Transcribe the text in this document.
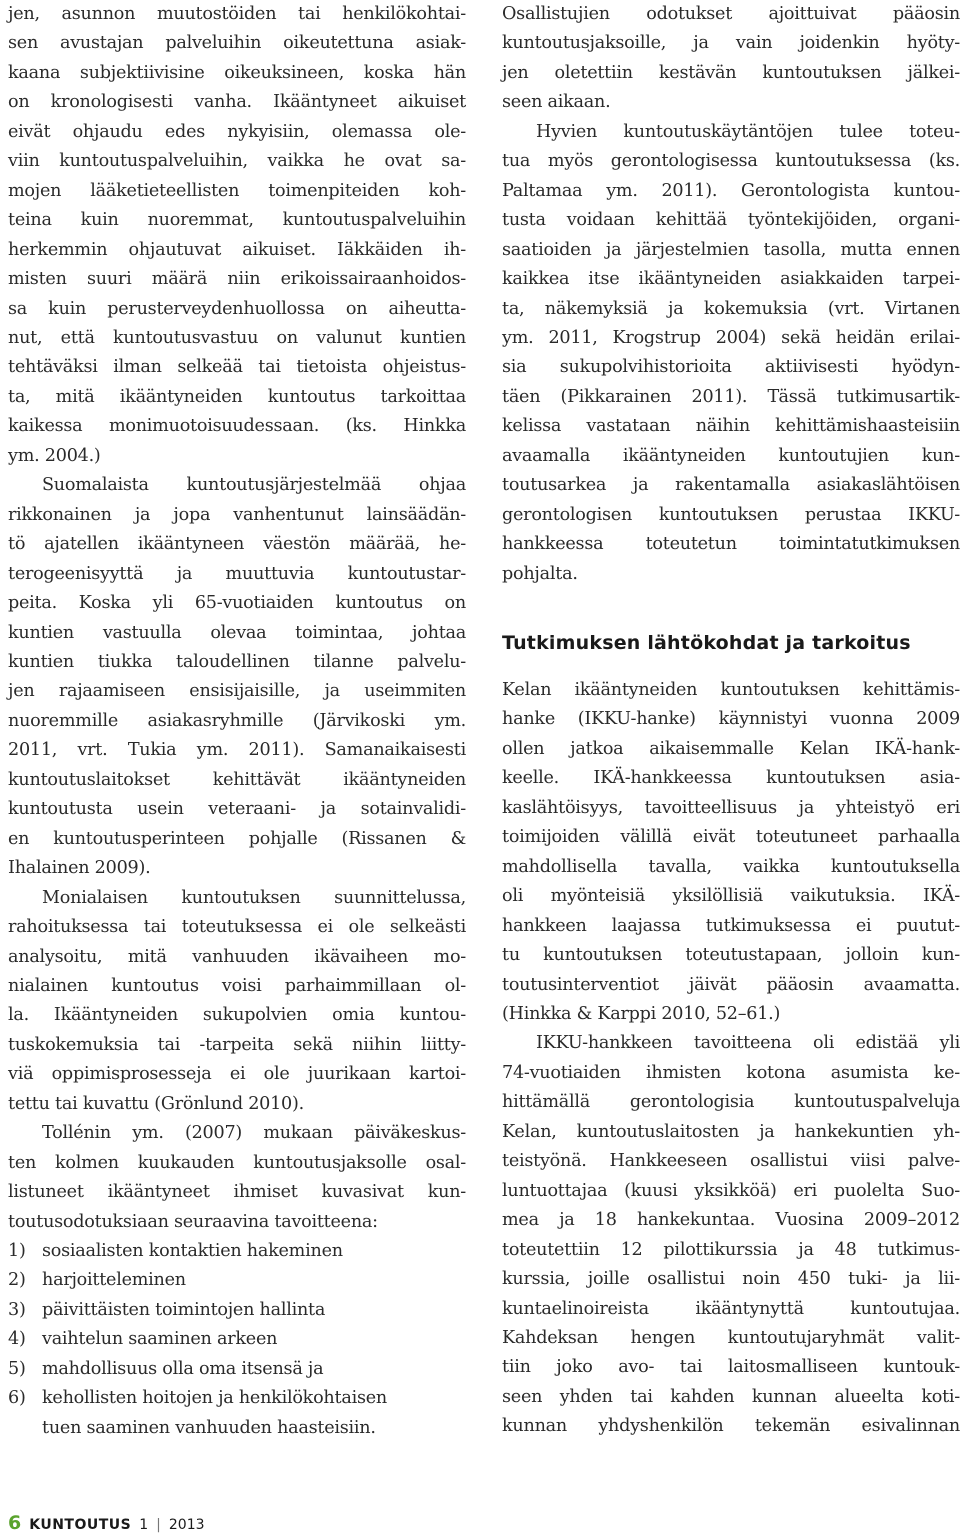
jen, asunnon muutostöiden tai henkilökohtai-
sen avustajan palveluihin oikeutettuna asiak-
kaana subjektiivisine oikeuksineen, koska hän
on kronologisesti vanha. Ikääntyneet aikuiset
eivät ohjaudu edes nykyisiin, olemassa ole-
viin kuntoutuspalveluihin, vaikka he ovat sa-
mojen lääketieteellisten toimenpiteiden koh-
teina kuin nuoremmat, kuntoutuspalveluihin
herkemmin ohjautuvat aikuiset. Iäkkäiden ih-
misten suuri määrä niin erikoissairaanhoidos-
sa kuin perusterveydenhuollossa on aiheutta-
nut, että kuntoutusvastuu on valunut kuntien
tehtäväksi ilman selkeää tai tietoista ohjeistus-
ta, mitä ikääntyneiden kuntoutus tarkoittaa
kaikessa monimuotoisuudessaan. (ks. Hinkka
ym. 2004.)
Suomalaista kuntoutusjärjestelmää ohjaa
rikkonainen ja jopa vanhentunut lainsäädän-
tö ajatellen ikääntyneen väestön määrää, he-
terogeenisyyttä ja muuttuvia kuntoutustar-
peita. Koska yli 65-vuotiaiden kuntoutus on
kuntien vastuulla olevaa toimintaa, johtaa
kuntien tiukka taloudellinen tilanne palvelu-
jen rajaamiseen ensisijaisille, ja useimmiten
nuoremmille asiakasryhmille (Järvikoski ym.
2011, vrt. Tukia ym. 2011). Samanaikaisesti
kuntoutuslaitokset kehittävät ikääntyneiden
kuntoutusta usein veteraani- ja sotainvalidi-
en kuntoutusperinteen pohjalle (Rissanen &
Ihalainen 2009).
Monialaisen kuntoutuksen suunnittelussa,
rahoituksessa tai toteutuksessa ei ole selkeästi
analysoitu, mitä vanhuuden ikävaiheen mo-
nialainen kuntoutus voisi parhaimmillaan ol-
la. Ikääntyneiden sukupolvien omia kuntou-
tuskokemuksia tai -tarpeita sekä niihin liitty-
viä oppimisprosesseja ei ole juurikaan kartoi-
tettu tai kuvattu (Grönlund 2010).
Tollénin ym. (2007) mukaan päiväkeskus-
ten kolmen kuukauden kuntoutusjaksolle osal-
listuneet ikääntyneet ihmiset kuvasivat kun-
toutusodotuksiaan seuraavina tavoitteena:
1) sosiaalisten kontaktien hakeminen
2) harjoitteleminen
3) päivittäisten toimintojen hallinta
4) vaihtelun saaminen arkeen
5) mahdollisuus olla oma itsensä ja
6) kehollisten hoitojen ja henkilökohtaisen
tuen saaminen vanhuuden haasteisiin.
Osallistujien odotukset ajoittuivat pääosin
kuntoutusjaksoille, ja vain joidenkin hyöty-
jen oletettiin kestävän kuntoutuksen jälkei-
seen aikaan.
Hyvien kuntoutuskäytäntöjen tulee toteu-
tua myös gerontologisessa kuntoutuksessa (ks.
Paltamaa ym. 2011). Gerontologista kuntou-
tusta voidaan kehittää työntekijöiden, organi-
saatioiden ja järjestelmien tasolla, mutta ennen
kaikkea itse ikääntyneiden asiakkaiden tarpei-
ta, näkemyksiä ja kokemuksia (vrt. Virtanen
ym. 2011, Krogstrup 2004) sekä heidän erilai-
sia sukupolvihistorioita aktiivisesti hyödyn-
täen (Pikkarainen 2011). Tässä tutkimusartik-
kelissa vastataan näihin kehittämishaasteisiin
avaamalla ikääntyneiden kuntoutujien kun-
toutusarkea ja rakentamalla asiakaslähtöisen
gerontologisen kuntoutuksen perustaa IKKU-
hankkeessa toteutetun toimintatutkimuksen
pohjalta.
Tutkimuksen lähtökohdat ja tarkoitus
Kelan ikääntyneiden kuntoutuksen kehittämis-
hanke (IKKU-hanke) käynnistyi vuonna 2009
ollen jatkoa aikaisemmalle Kelan IKÄ-hank-
keelle. IKÄ-hankkeessa kuntoutuksen asia-
kaslähtöisyys, tavoitteellisuus ja yhteistyö eri
toimijoiden välillä eivät toteutuneet parhaalla
mahdollisella tavalla, vaikka kuntoutuksella
oli myönteisiä yksilöllisiä vaikutuksia. IKÄ-
hankkeen laajassa tutkimuksessa ei puutut-
tu kuntoutuksen toteutustapaan, jolloin kun-
toutusinterventiot jäivät pääosin avaamatta.
(Hinkka & Karppi 2010, 52–61.)
IKKU-hankkeen tavoitteena oli edistää yli
74-vuotiaiden ihmisten kotona asumista ke-
hittämällä gerontologisia kuntoutuspalveluja
Kelan, kuntoutuslaitosten ja hankekuntien yh-
teistyönä. Hankkeeseen osallistui viisi palve-
luntuottajaa (kuusi yksikköä) eri puolelta Suo-
mea ja 18 hankekuntaa. Vuosina 2009–2012
toteutettiin 12 pilottikurssia ja 48 tutkimus-
kurssia, joille osallistui noin 450 tuki- ja lii-
kuntaelinoireista ikääntynyttä kuntoutujaa.
Kahdeksan hengen kuntoutujaryhmät valit-
tiin joko avo- tai laitosmalliseen kuntouk-
seen yhden tai kahden kunnan alueelta koti-
kunnan yhdyshenkilön tekemän esivalinnan
6 KUNTOUTUS 1 | 2013
